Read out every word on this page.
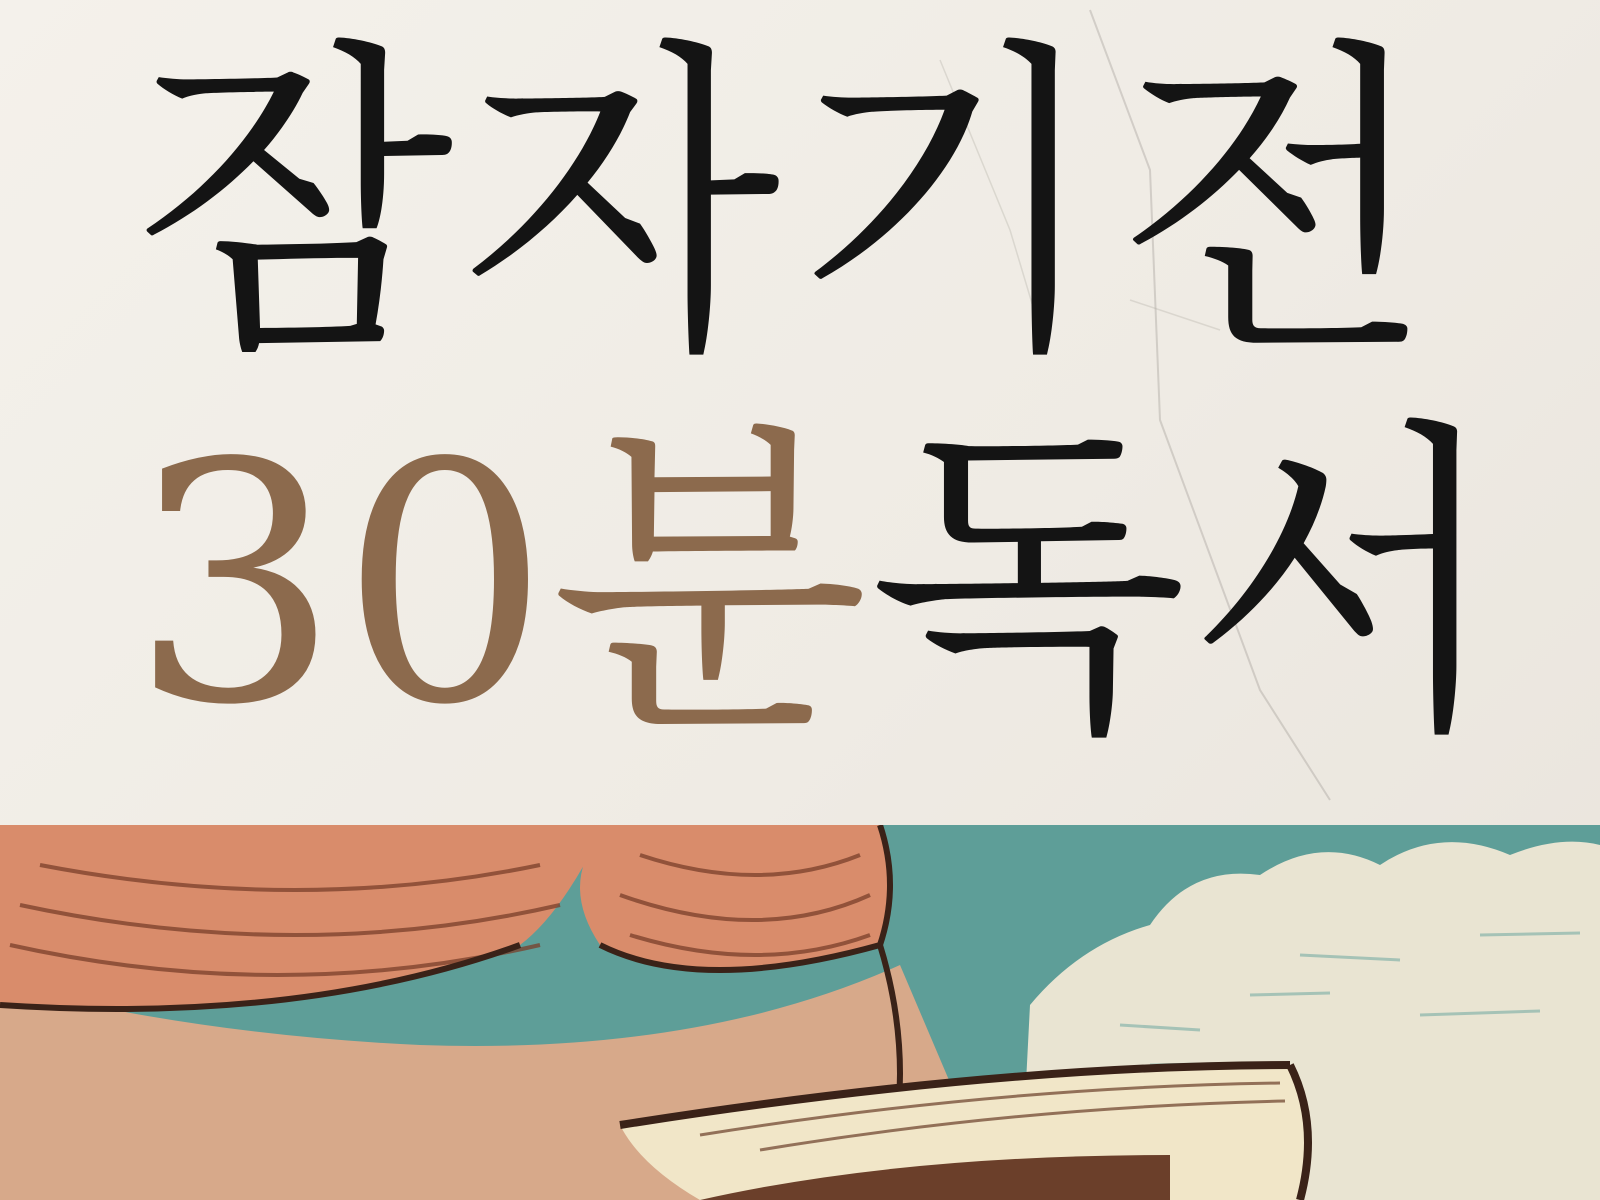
잠자기전
30분독서
